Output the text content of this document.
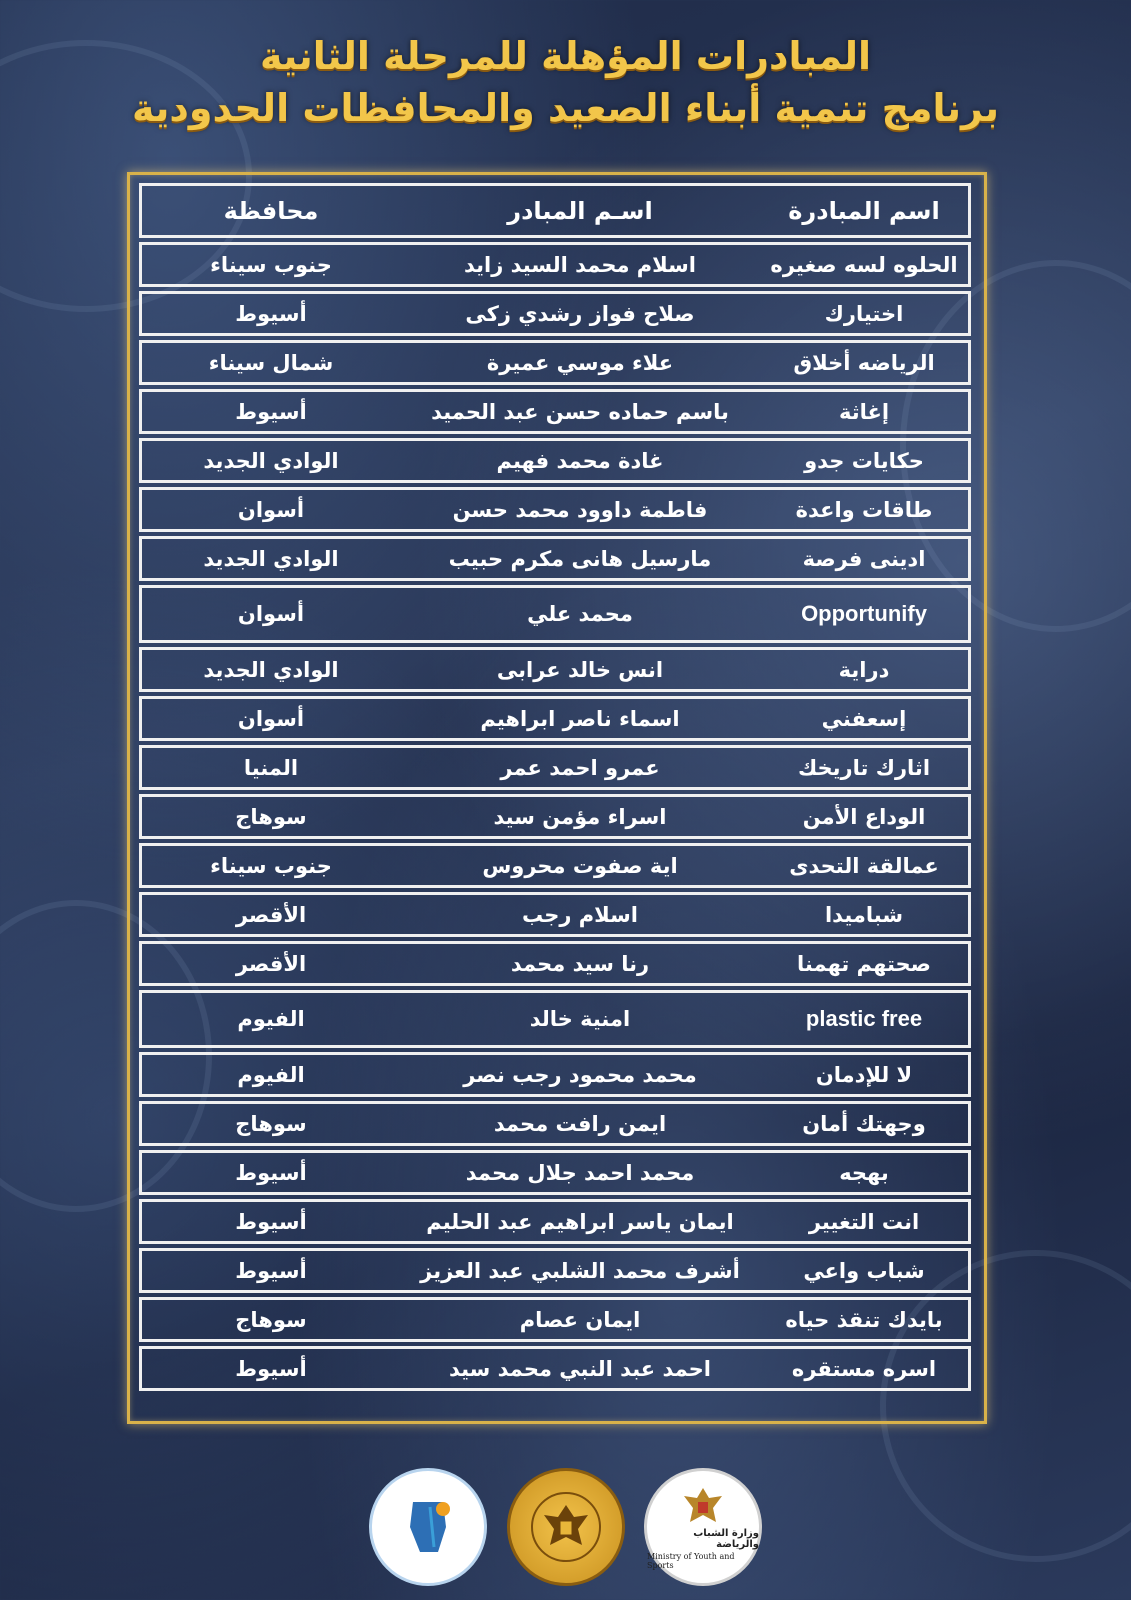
المبادرات المؤهلة للمرحلة الثانية
برنامج تنمية أبناء الصعيد والمحافظات الحدودية
اسم المبادرة
اسـم المبادر
محافظة
الحلوه لسه صغيره
اسلام محمد السيد زايد
جنوب سيناء
اختيارك
صلاح فواز رشدي زكى
أسيوط
الرياضه أخلاق
علاء موسي عميرة
شمال سيناء
إغاثة
باسم حماده حسن عبد الحميد
أسيوط
حكايات جدو
غادة محمد فهيم
الوادي الجديد
طاقات واعدة
فاطمة داوود محمد حسن
أسوان
ادينى فرصة
مارسيل هانى مكرم حبيب
الوادي الجديد
Opportunify
محمد علي
أسوان
دراية
انس خالد عرابى
الوادي الجديد
إسعفني
اسماء ناصر ابراهيم
أسوان
اثارك تاريخك
عمرو احمد عمر
المنيا
الوداع الأمن
اسراء مؤمن سيد
سوهاج
عمالقة التحدى
اية صفوت محروس
جنوب سيناء
شباميدا
اسلام رجب
الأقصر
صحتهم تهمنا
رنا سيد محمد
الأقصر
plastic free
امنية خالد
الفيوم
لا للإدمان
محمد محمود رجب نصر
الفيوم
وجهتك أمان
ايمن رافت محمد
سوهاج
بهجه
محمد احمد جلال محمد
أسيوط
انت التغيير
ايمان ياسر ابراهيم عبد الحليم
أسيوط
شباب واعي
أشرف محمد الشلبي عبد العزيز
أسيوط
بايدك تنقذ حياه
ايمان عصام
سوهاج
اسره مستقره
احمد عبد النبي محمد سيد
أسيوط
وزارة الشباب والرياضة
Ministry of Youth and Sports
